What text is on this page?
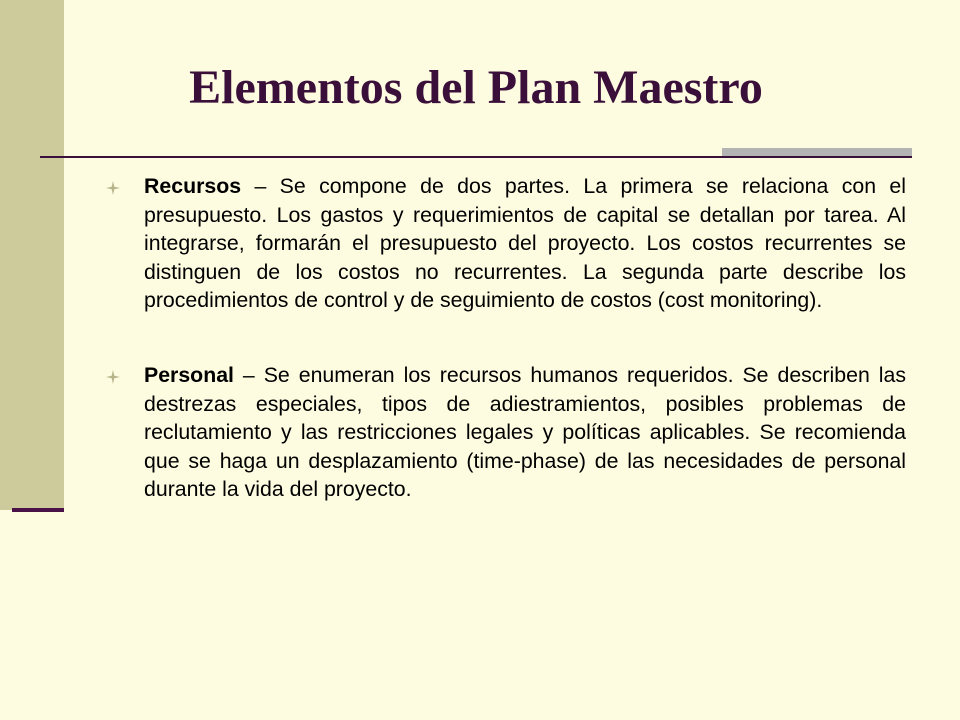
Elementos del Plan Maestro
Recursos – Se compone de dos partes. La primera se relaciona con el presupuesto. Los gastos y requerimientos de capital se detallan por tarea. Al integrarse, formarán el presupuesto del proyecto. Los costos recurrentes se distinguen de los costos no recurrentes. La segunda parte describe los procedimientos de control y de seguimiento de costos (cost monitoring).
Personal – Se enumeran los recursos humanos requeridos. Se describen las destrezas especiales, tipos de adiestramientos, posibles problemas de reclutamiento y las restricciones legales y políticas aplicables. Se recomienda que se haga un desplazamiento (time-phase) de las necesidades de personal durante la vida del proyecto.
